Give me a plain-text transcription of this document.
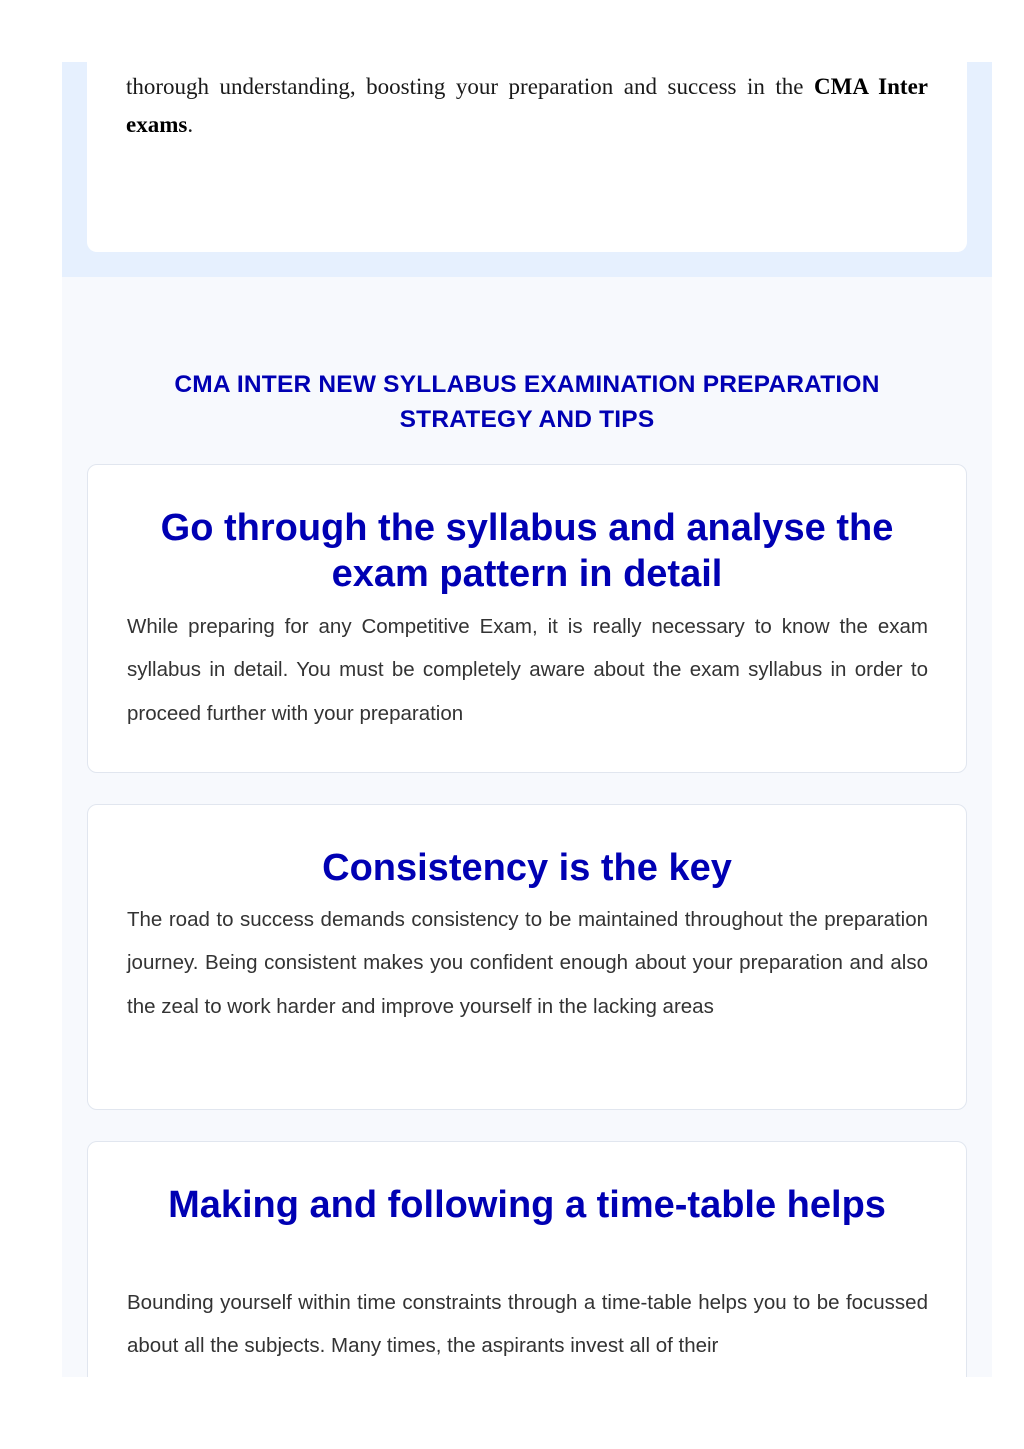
thorough understanding, boosting your preparation and success in the CMA Inter exams.

CMA INTER NEW SYLLABUS EXAMINATION PREPARATION STRATEGY AND TIPS
Go through the syllabus and analyse the exam pattern in detail

While preparing for any Competitive Exam, it is really necessary to know the exam syllabus in detail. You must be completely aware about the exam syllabus in order to proceed further with your preparation

Consistency is the key

The road to success demands consistency to be maintained throughout the preparation journey. Being consistent makes you confident enough about your preparation and also the zeal to work harder and improve yourself in the lacking areas

Making and following a time-table helps

Bounding yourself within time constraints through a time-table helps you to be focussed about all the subjects. Many times, the aspirants invest all of their
